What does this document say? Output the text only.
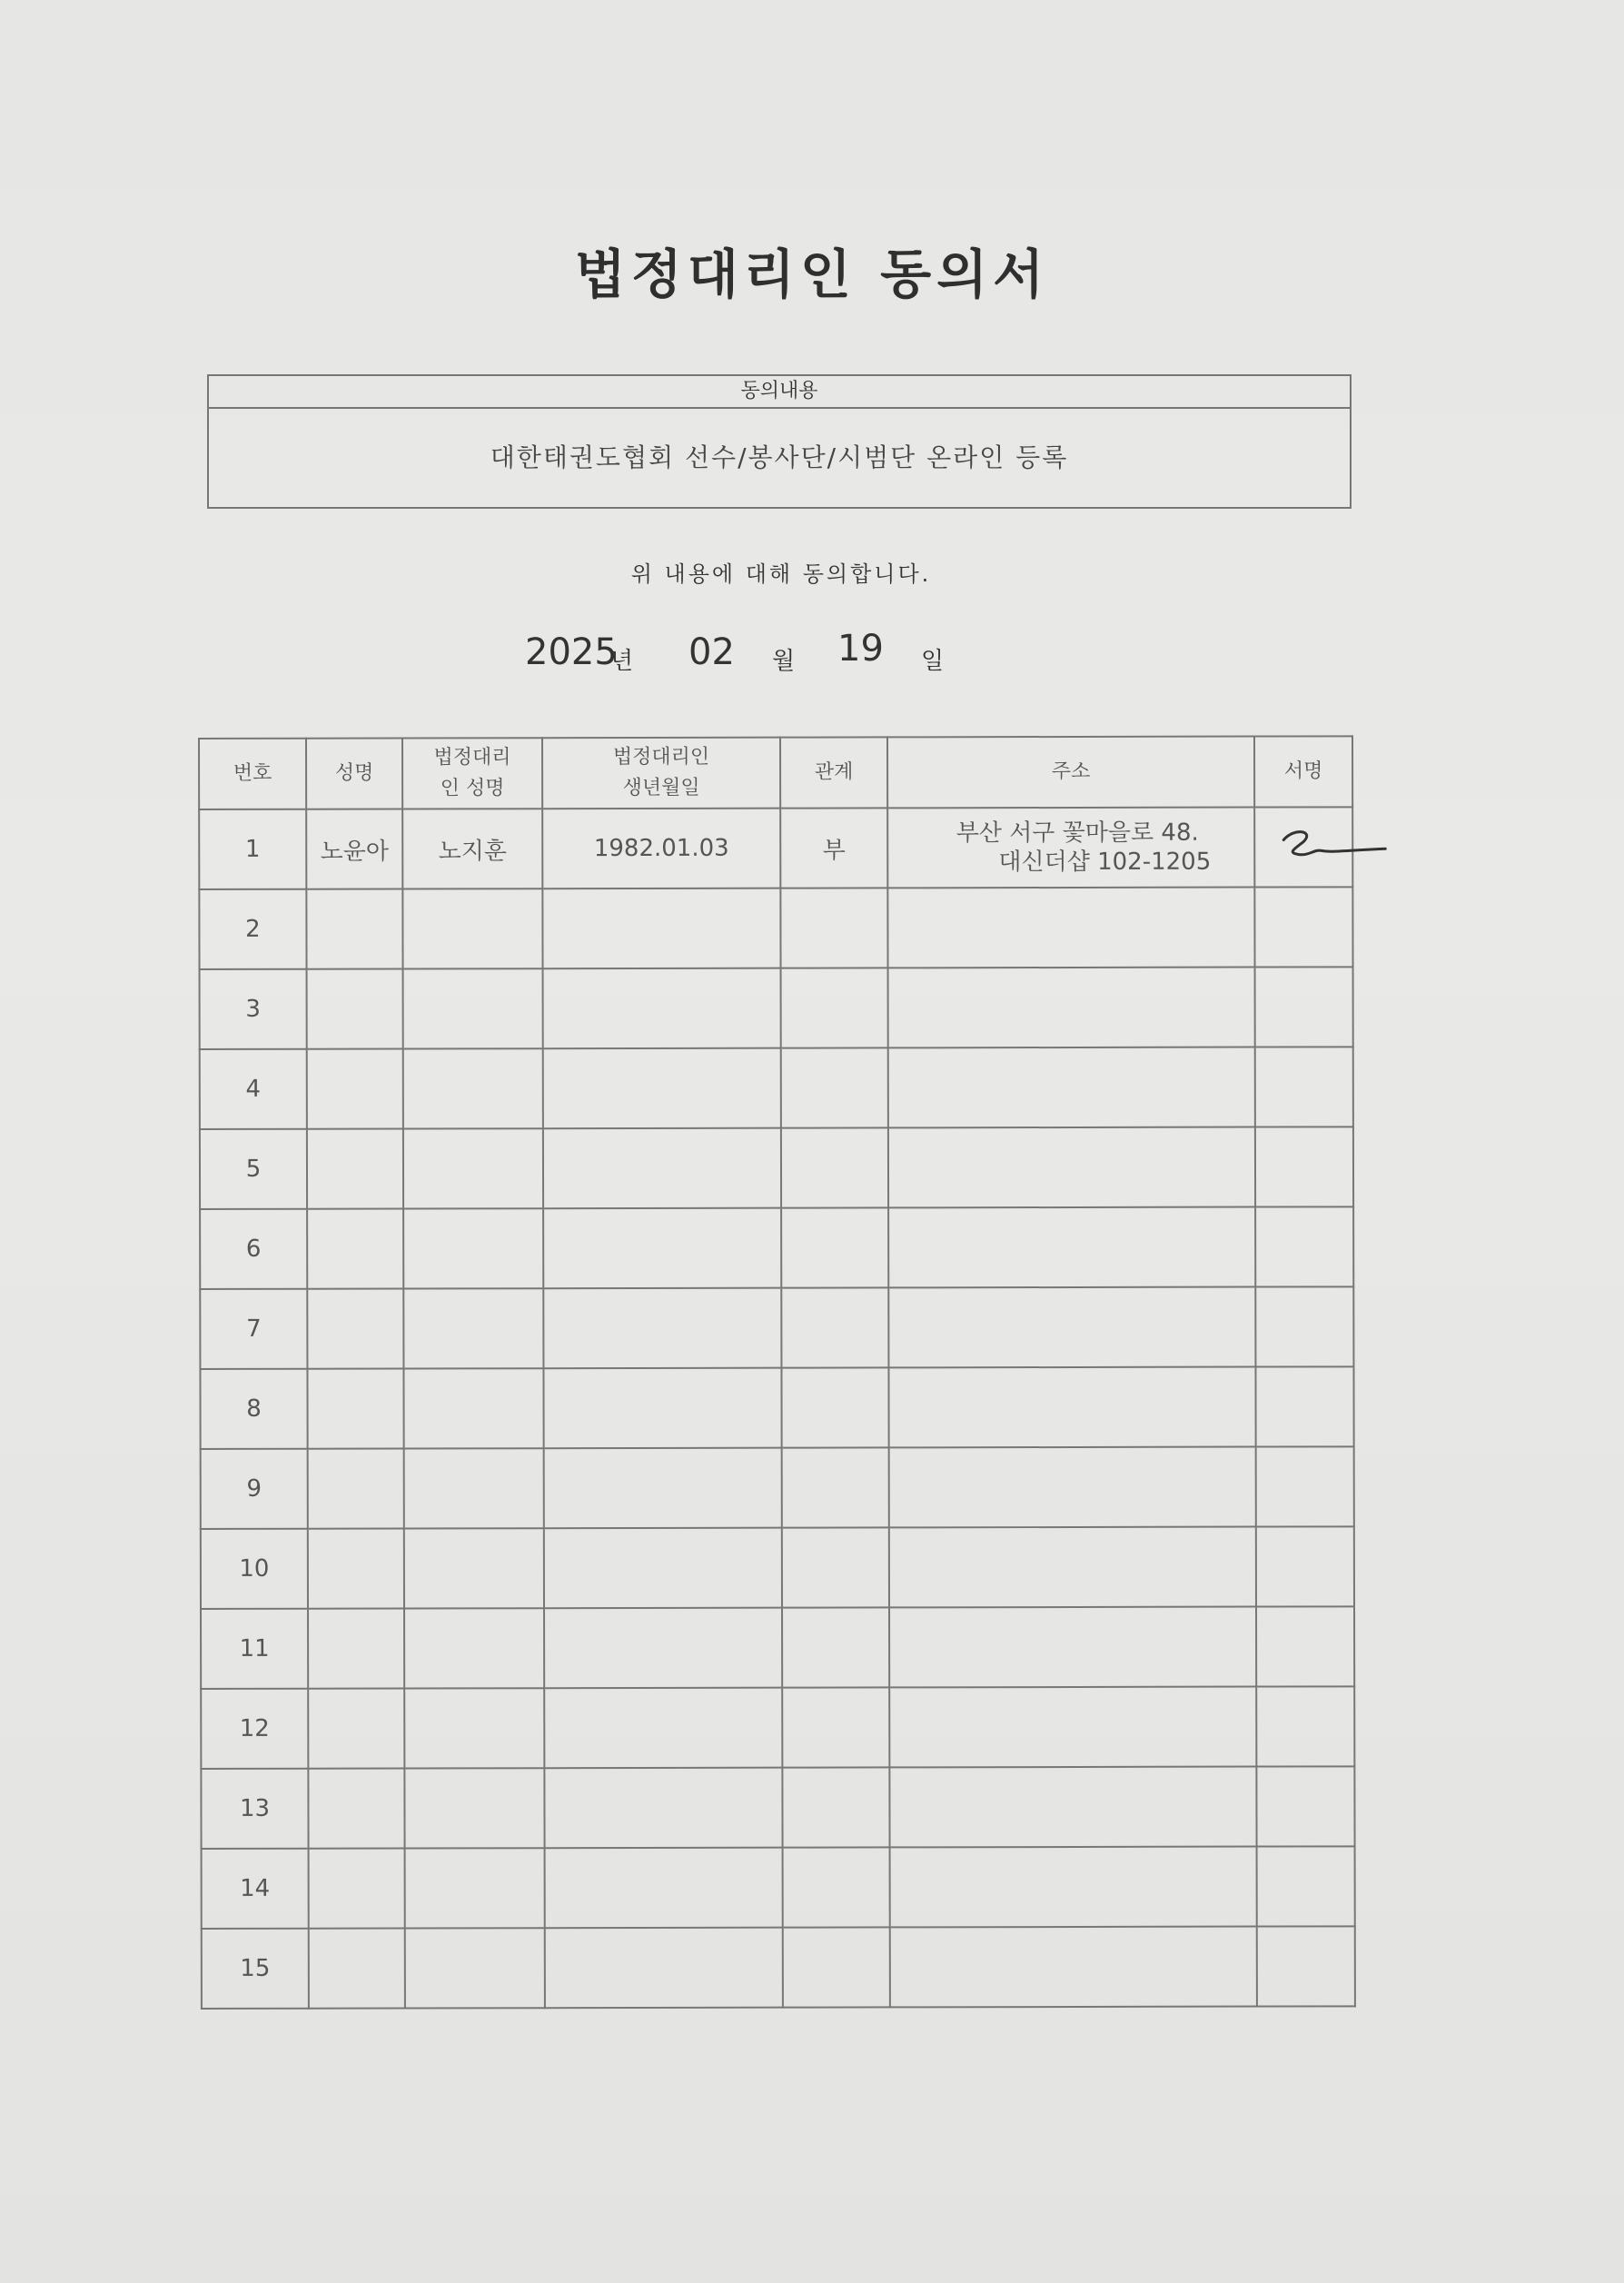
법정대리인 동의서
동의내용
대한태권도협회 선수/봉사단/시범단 온라인 등록
위 내용에 대해 동의합니다.
2025
년 02 월 19 일
번호	성명	법정대리인 성명	법정대리인 생년월일	관계	주소	서명
1	노윤아	노지훈	1982.01.03	부	부산 서구 꽃마을로 48.
대신더샵 102-1205

2						
3						
4						
5						
6						
7						
8						
9						
10						
11						
12						
13						
14						
15						
